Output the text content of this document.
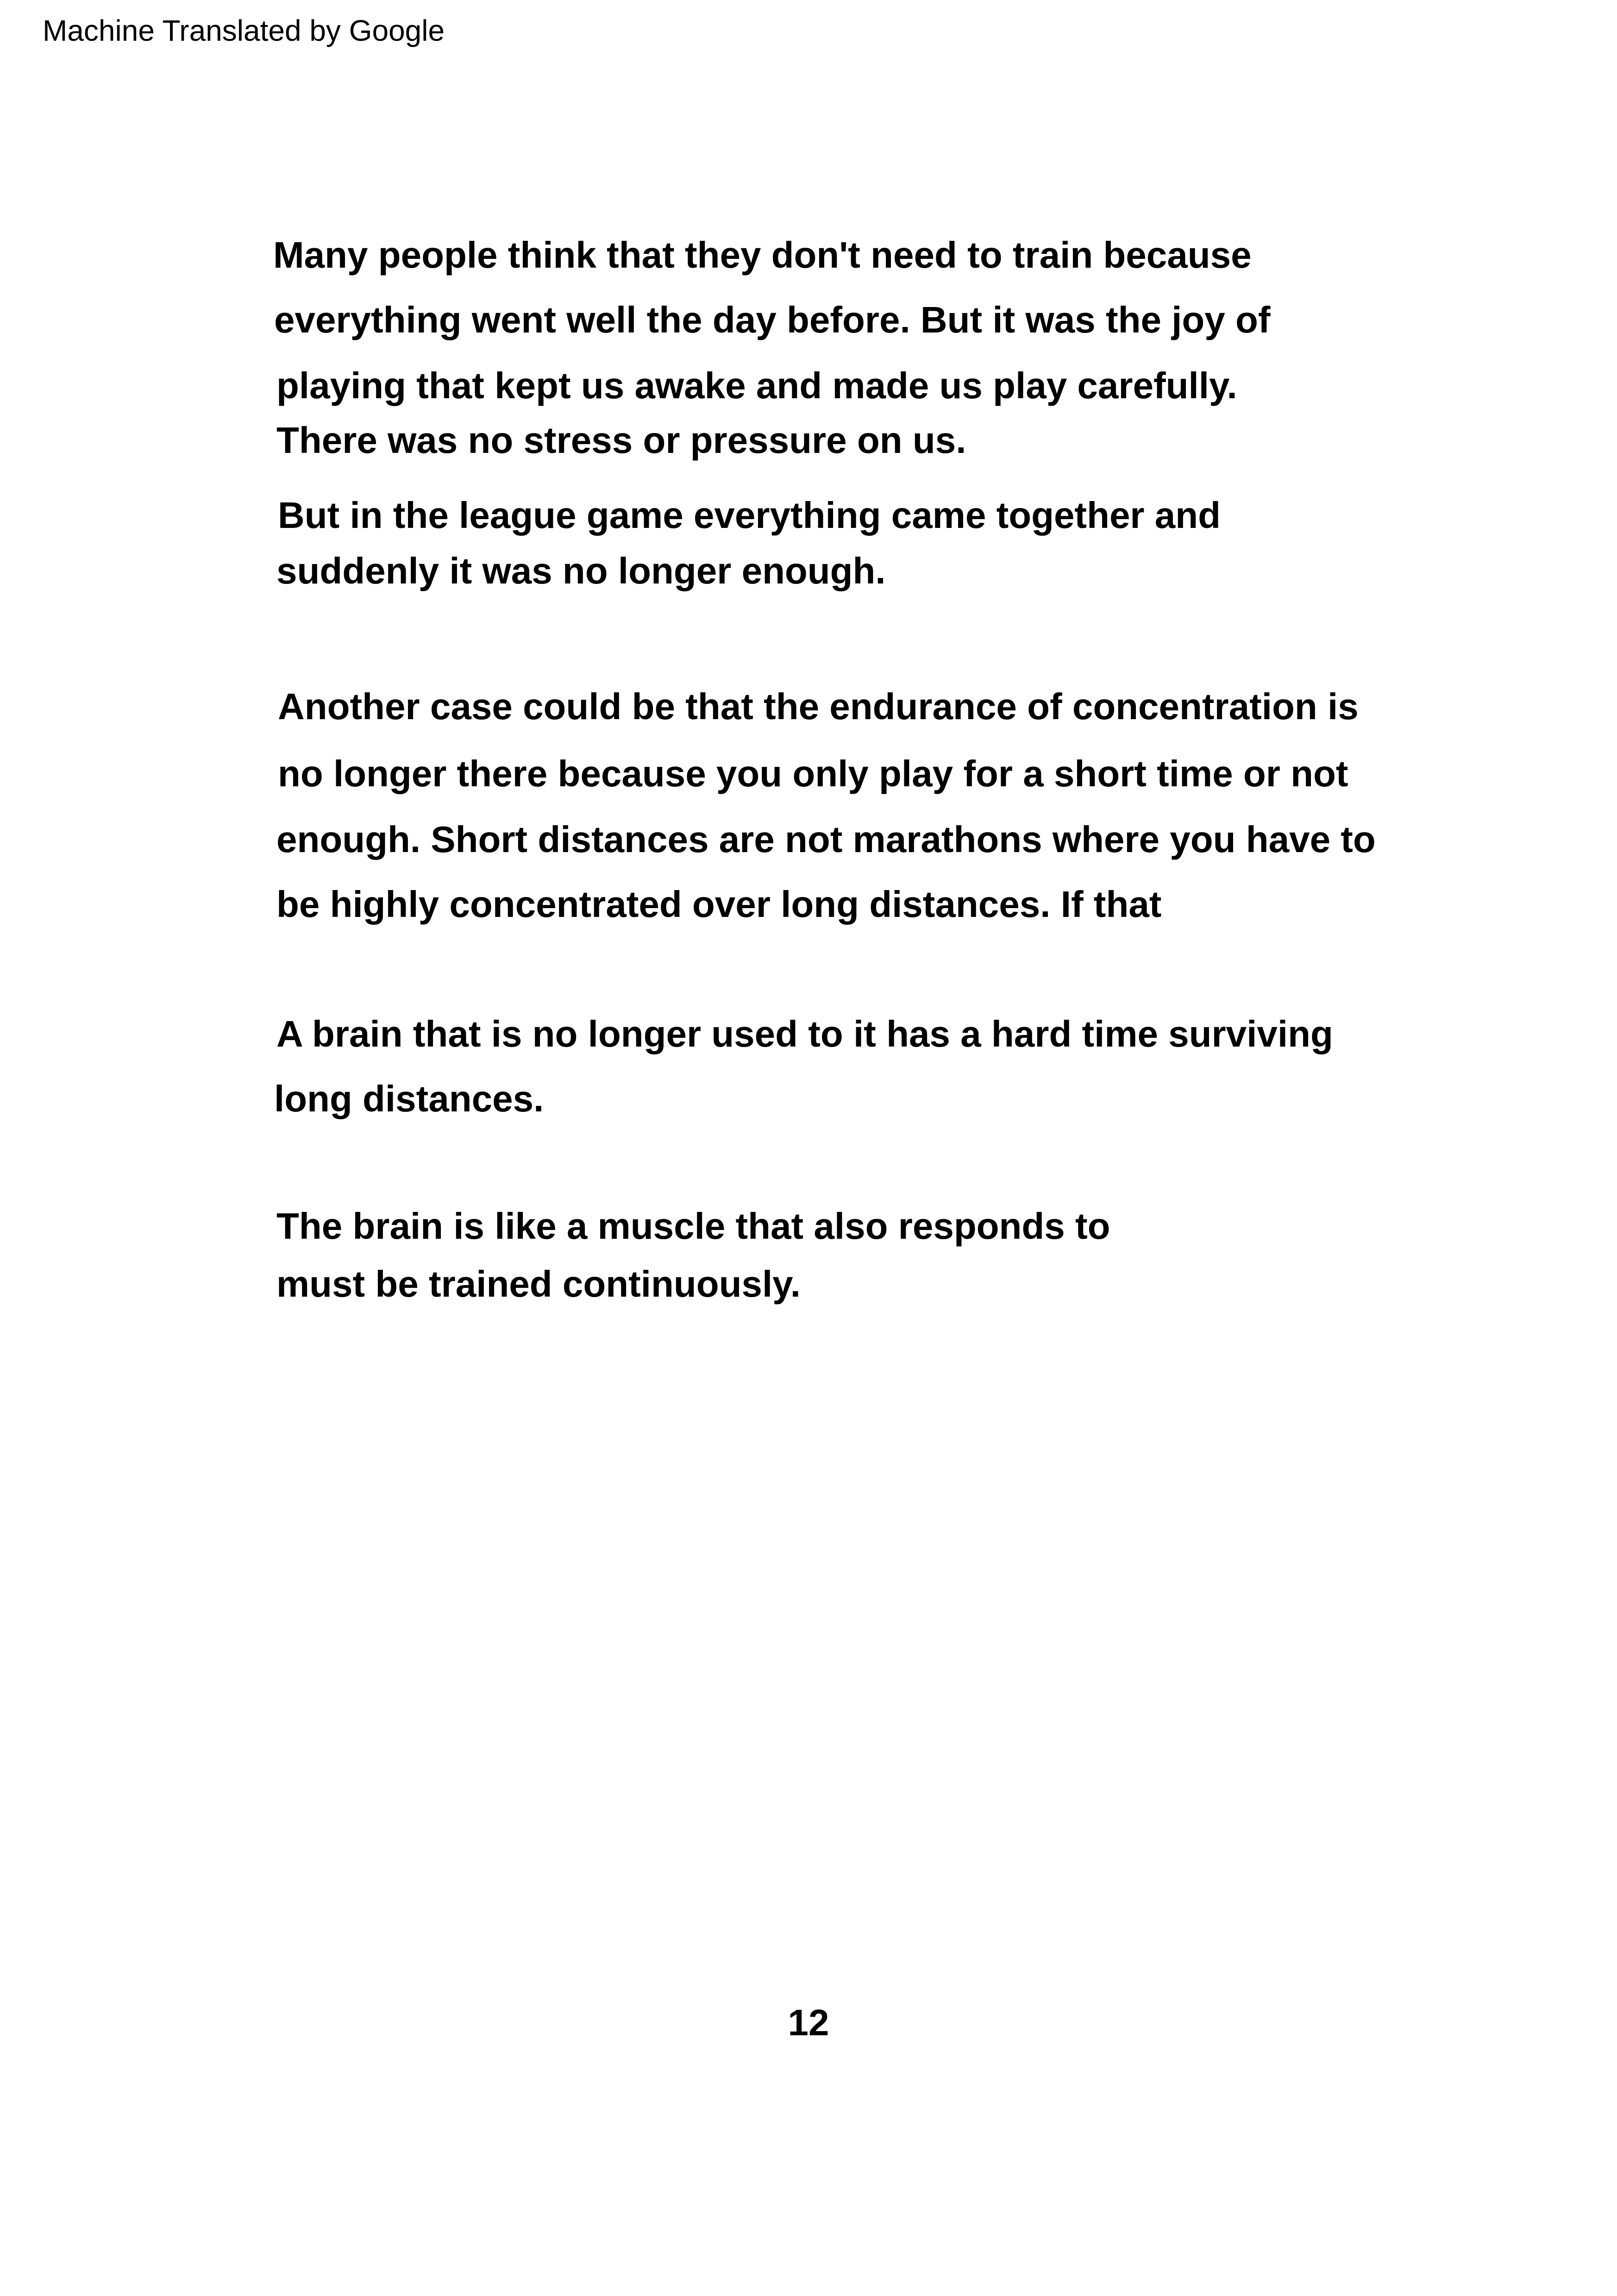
Machine Translated by Google
Many people think that they don't need to train because
everything went well the day before. But it was the joy of
playing that kept us awake and made us play carefully.
There was no stress or pressure on us.
But in the league game everything came together and
suddenly it was no longer enough.
Another case could be that the endurance of concentration is
no longer there because you only play for a short time or not
enough. Short distances are not marathons where you have to
be highly concentrated over long distances. If that
A brain that is no longer used to it has a hard time surviving
long distances.
The brain is like a muscle that also responds to
must be trained continuously.
12
